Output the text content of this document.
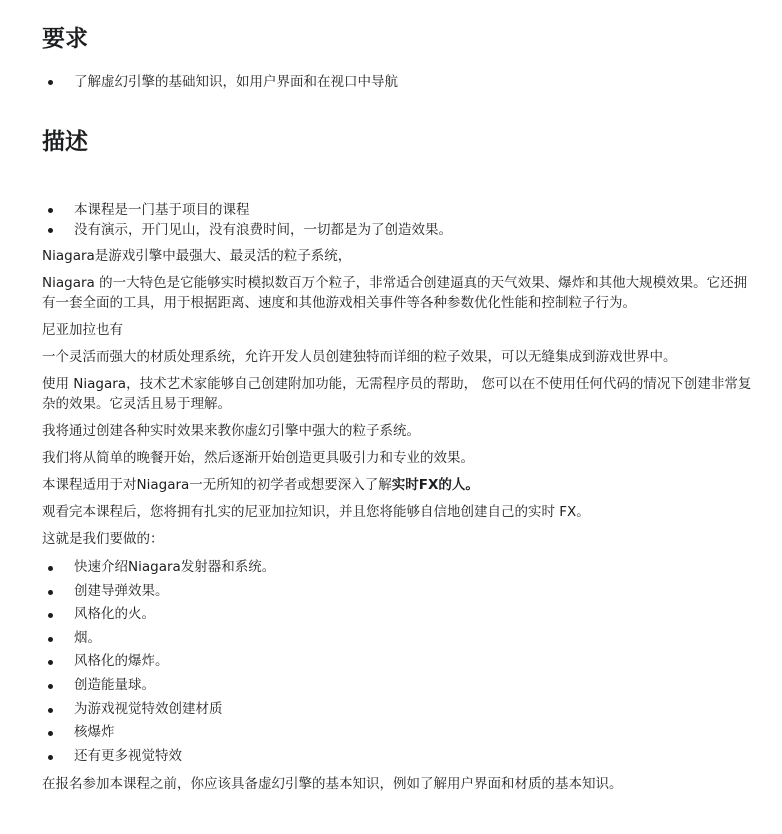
要求
了解虚幻引擎的基础知识，如用户界面和在视口中导航
描述
本课程是一门基于项目的课程
没有演示，开门见山，没有浪费时间，一切都是为了创造效果。

Niagara是游戏引擎中最强大、最灵活的粒子系统，

Niagara 的一大特色是它能够实时模拟数百万个粒子，非常适合创建逼真的天气效果、爆炸和其他大规模效果。它还拥有一套全面的工具，用于根据距离、速度和其他游戏相关事件等各种参数优化性能和控制粒子行为。

尼亚加拉也有

一个灵活而强大的材质处理系统，允许开发人员创建独特而详细的粒子效果，可以无缝集成到游戏世界中。

使用 Niagara，技术艺术家能够自己创建附加功能，无需程序员的帮助， 您可以在不使用任何代码的情况下创建非常复杂的效果。它灵活且易于理解。

我将通过创建各种实时效果来教你虚幻引擎中强大的粒子系统。

我们将从简单的晚餐开始，然后逐渐开始创造更具吸引力和专业的效果。

本课程适用于对Niagara一无所知的初学者或想要深入了解实时FX的人。

观看完本课程后，您将拥有扎实的尼亚加拉知识，并且您将能够自信地创建自己的实时 FX。

这就是我们要做的：

快速介绍Niagara发射器和系统。
创建导弹效果。
风格化的火。
烟。
风格化的爆炸。
创造能量球。
为游戏视觉特效创建材质
核爆炸
还有更多视觉特效

在报名参加本课程之前，你应该具备虚幻引擎的基本知识，例如了解用户界面和材质的基本知识。
